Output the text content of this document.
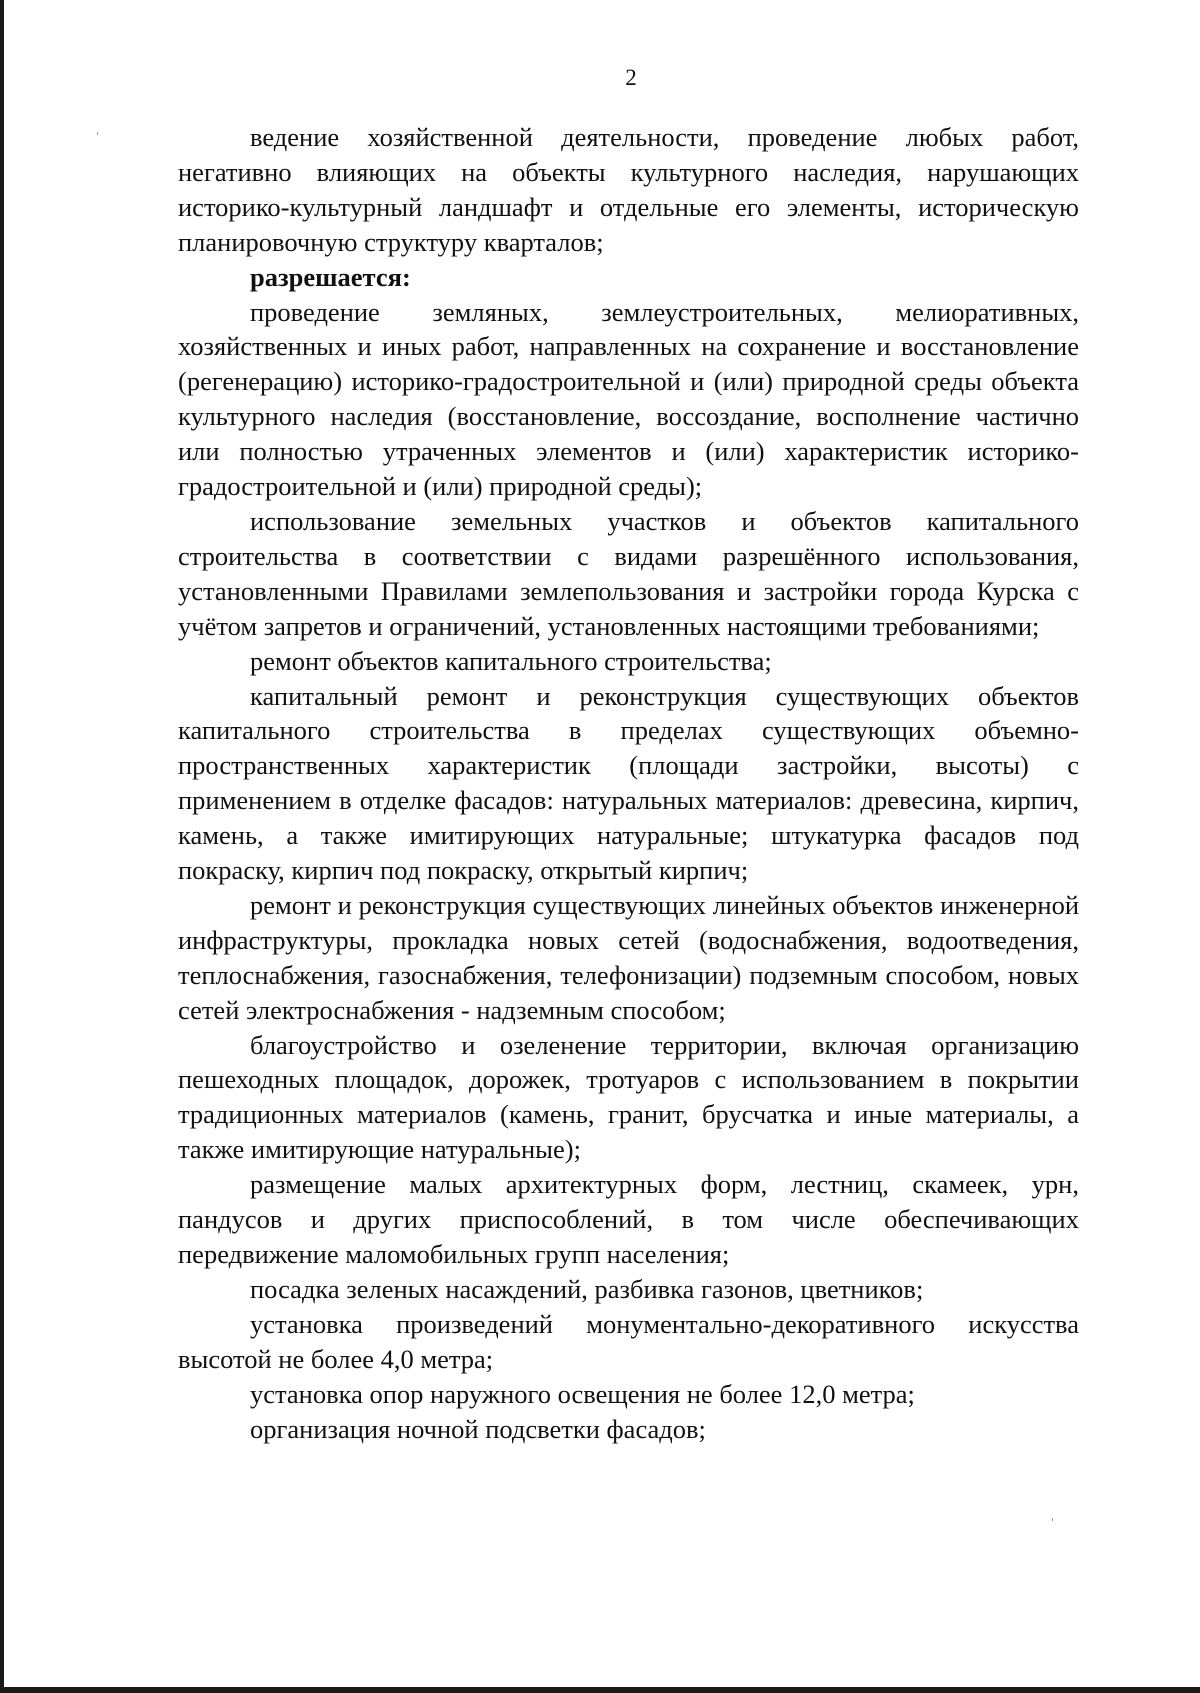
2

ведение хозяйственной деятельности, проведение любых работ, негативно влияющих на объекты культурного наследия, нарушающих историко-культурный ландшафт и отдельные его элементы, историческую планировочную структуру кварталов;

разрешается:

проведение земляных, землеустроительных, мелиоративных, хозяйственных и иных работ, направленных на сохранение и восстановление (регенерацию) историко-градостроительной и (или) природной среды объекта культурного наследия (восстановление, воссоздание, восполнение частично или полностью утраченных элементов и (или) характеристик историко-градостроительной и (или) природной среды);

использование земельных участков и объектов капитального строительства в соответствии с видами разрешённого использования, установленными Правилами землепользования и застройки города Курска с учётом запретов и ограничений, установленных настоящими требованиями;

ремонт объектов капитального строительства;

капитальный ремонт и реконструкция существующих объектов капитального строительства в пределах существующих объемно-пространственных характеристик (площади застройки, высоты) с применением в отделке фасадов: натуральных материалов: древесина, кирпич, камень, а также имитирующих натуральные; штукатурка фасадов под покраску, кирпич под покраску, открытый кирпич;

ремонт и реконструкция существующих линейных объектов инженерной инфраструктуры, прокладка новых сетей (водоснабжения, водоотведения, теплоснабжения, газоснабжения, телефонизации) подземным способом, новых сетей электроснабжения - надземным способом;

благоустройство и озеленение территории, включая организацию пешеходных площадок, дорожек, тротуаров с использованием в покрытии традиционных материалов (камень, гранит, брусчатка и иные материалы, а также имитирующие натуральные);

размещение малых архитектурных форм, лестниц, скамеек, урн, пандусов и других приспособлений, в том числе обеспечивающих передвижение маломобильных групп населения;

посадка зеленых насаждений, разбивка газонов, цветников;

установка произведений монументально-декоративного искусства высотой не более 4,0 метра;

установка опор наружного освещения не более 12,0 метра;

организация ночной подсветки фасадов;
